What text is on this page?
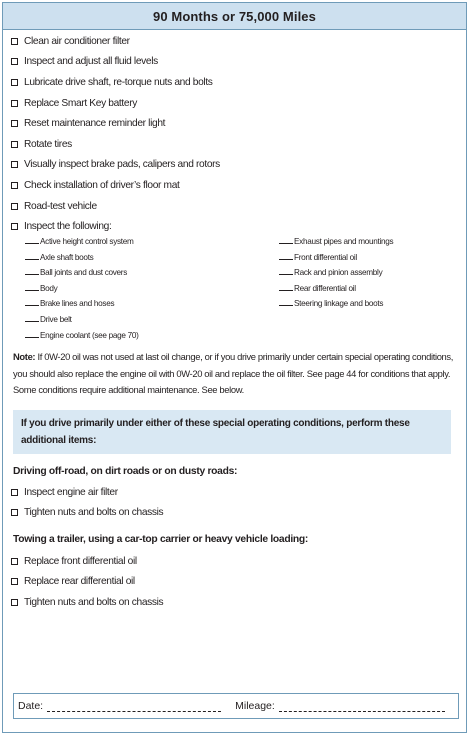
90 Months or 75,000 Miles
Clean air conditioner filter
Inspect and adjust all fluid levels
Lubricate drive shaft, re-torque nuts and bolts
Replace Smart Key battery
Reset maintenance reminder light
Rotate tires
Visually inspect brake pads, calipers and rotors
Check installation of driver’s floor mat
Road-test vehicle
Inspect the following:
Active height control system
Axle shaft boots
Ball joints and dust covers
Body
Brake lines and hoses
Drive belt
Engine coolant (see page 70)
Exhaust pipes and mountings
Front differential oil
Rack and pinion assembly
Rear differential oil
Steering linkage and boots
Note: If 0W-20 oil was not used at last oil change, or if you drive primarily under certain special operating conditions, you should also replace the engine oil with 0W-20 oil and replace the oil filter. See page 44 for conditions that apply. Some conditions require additional maintenance. See below.
If you drive primarily under either of these special operating conditions, perform these additional items:
Driving off-road, on dirt roads or on dusty roads:
Inspect engine air filter
Tighten nuts and bolts on chassis
Towing a trailer, using a car-top carrier or heavy vehicle loading:
Replace front differential oil
Replace rear differential oil
Tighten nuts and bolts on chassis
Date:	Mileage:
